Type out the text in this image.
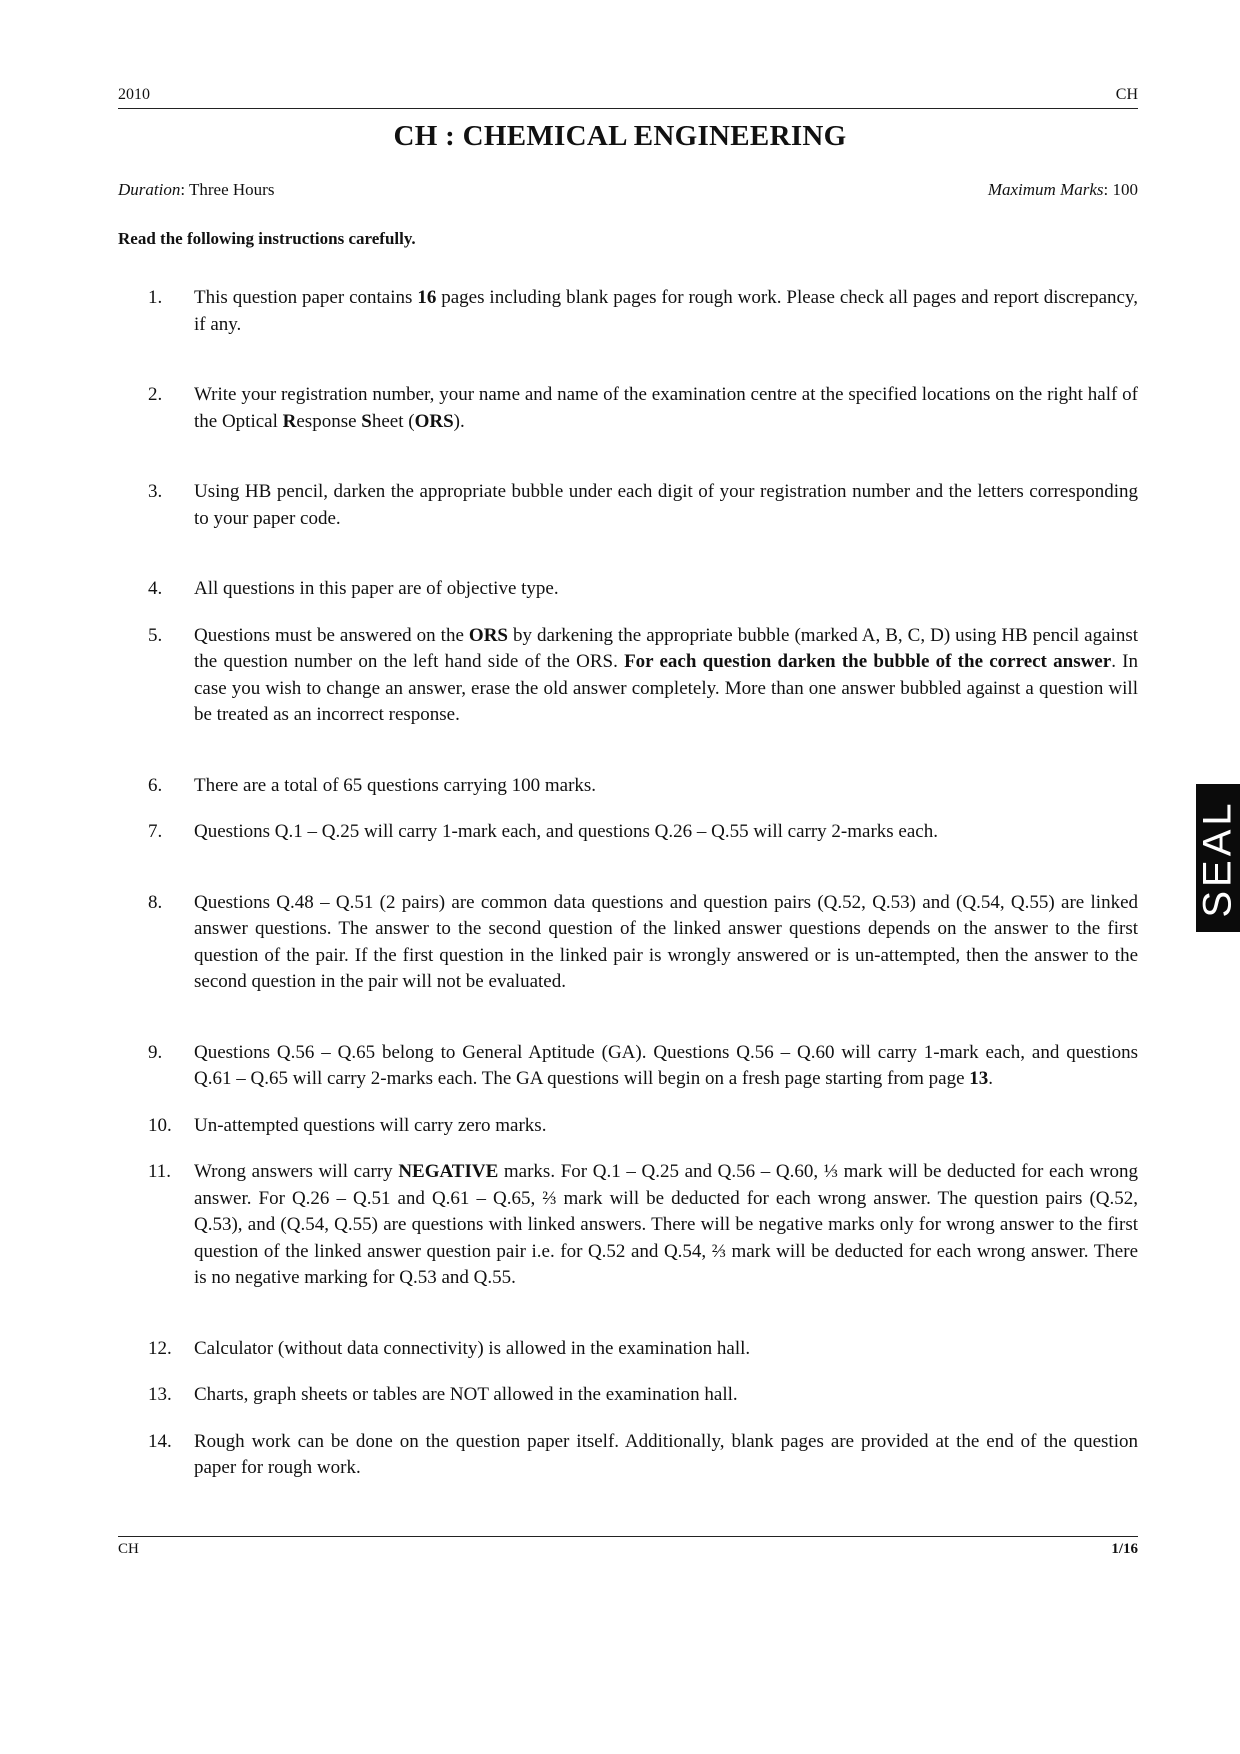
2010	CH
CH : CHEMICAL ENGINEERING
Duration: Three Hours	Maximum Marks: 100
Read the following instructions carefully.
1.	This question paper contains 16 pages including blank pages for rough work. Please check all pages and report discrepancy, if any.
2.	Write your registration number, your name and name of the examination centre at the specified locations on the right half of the Optical Response Sheet (ORS).
3.	Using HB pencil, darken the appropriate bubble under each digit of your registration number and the letters corresponding to your paper code.
4.	All questions in this paper are of objective type.
5.	Questions must be answered on the ORS by darkening the appropriate bubble (marked A, B, C, D) using HB pencil against the question number on the left hand side of the ORS. For each question darken the bubble of the correct answer. In case you wish to change an answer, erase the old answer completely. More than one answer bubbled against a question will be treated as an incorrect response.
6.	There are a total of 65 questions carrying 100 marks.
7.	Questions Q.1 – Q.25 will carry 1-mark each, and questions Q.26 – Q.55 will carry 2-marks each.
8.	Questions Q.48 – Q.51 (2 pairs) are common data questions and question pairs (Q.52, Q.53) and (Q.54, Q.55) are linked answer questions. The answer to the second question of the linked answer questions depends on the answer to the first question of the pair. If the first question in the linked pair is wrongly answered or is un-attempted, then the answer to the second question in the pair will not be evaluated.
9.	Questions Q.56 – Q.65 belong to General Aptitude (GA). Questions Q.56 – Q.60 will carry 1-mark each, and questions Q.61 – Q.65 will carry 2-marks each. The GA questions will begin on a fresh page starting from page 13.
10.	Un-attempted questions will carry zero marks.
11.	Wrong answers will carry NEGATIVE marks. For Q.1 – Q.25 and Q.56 – Q.60, ⅓ mark will be deducted for each wrong answer. For Q.26 – Q.51 and Q.61 – Q.65, ⅔ mark will be deducted for each wrong answer. The question pairs (Q.52, Q.53), and (Q.54, Q.55) are questions with linked answers. There will be negative marks only for wrong answer to the first question of the linked answer question pair i.e. for Q.52 and Q.54, ⅔ mark will be deducted for each wrong answer. There is no negative marking for Q.53 and Q.55.
12.	Calculator (without data connectivity) is allowed in the examination hall.
13.	Charts, graph sheets or tables are NOT allowed in the examination hall.
14.	Rough work can be done on the question paper itself. Additionally, blank pages are provided at the end of the question paper for rough work.
SEAL
CH	1/16
